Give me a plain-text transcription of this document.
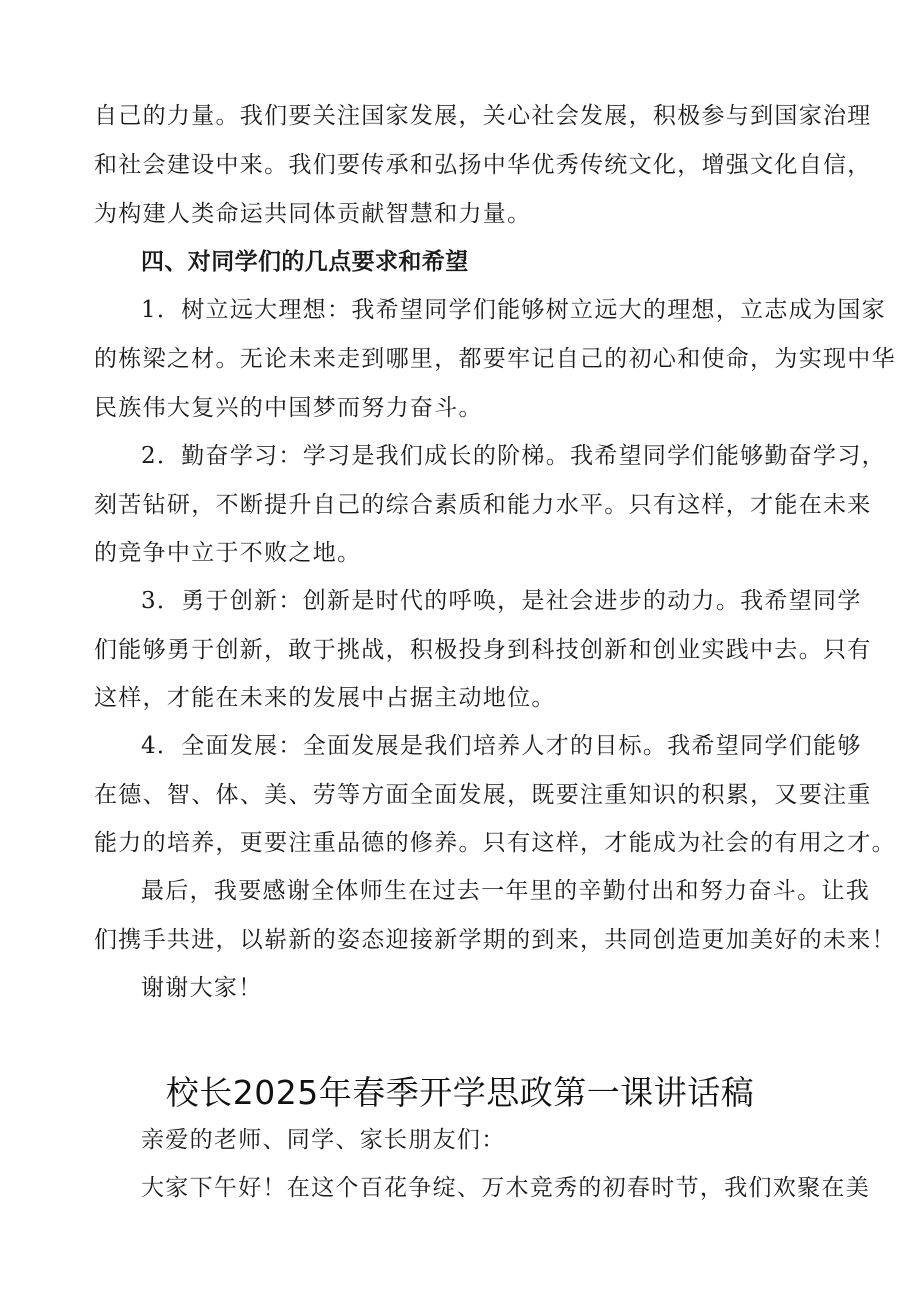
自己的力量。我们要关注国家发展，关心社会发展，积极参与到国家治理
和社会建设中来。我们要传承和弘扬中华优秀传统文化，增强文化自信，
为构建人类命运共同体贡献智慧和力量。
四、对同学们的几点要求和希望
1．树立远大理想：我希望同学们能够树立远大的理想，立志成为国家
的栋梁之材。无论未来走到哪里，都要牢记自己的初心和使命，为实现中华
民族伟大复兴的中国梦而努力奋斗。
2．勤奋学习：学习是我们成长的阶梯。我希望同学们能够勤奋学习，
刻苦钻研，不断提升自己的综合素质和能力水平。只有这样，才能在未来
的竞争中立于不败之地。
3．勇于创新：创新是时代的呼唤，是社会进步的动力。我希望同学
们能够勇于创新，敢于挑战，积极投身到科技创新和创业实践中去。只有
这样，才能在未来的发展中占据主动地位。
4．全面发展：全面发展是我们培养人才的目标。我希望同学们能够
在德、智、体、美、劳等方面全面发展，既要注重知识的积累，又要注重
能力的培养，更要注重品德的修养。只有这样，才能成为社会的有用之才。
最后，我要感谢全体师生在过去一年里的辛勤付出和努力奋斗。让我
们携手共进，以崭新的姿态迎接新学期的到来，共同创造更加美好的未来！
谢谢大家！
校长2025年春季开学思政第一课讲话稿
亲爱的老师、同学、家长朋友们：
大家下午好！在这个百花争绽、万木竞秀的初春时节，我们欢聚在美
